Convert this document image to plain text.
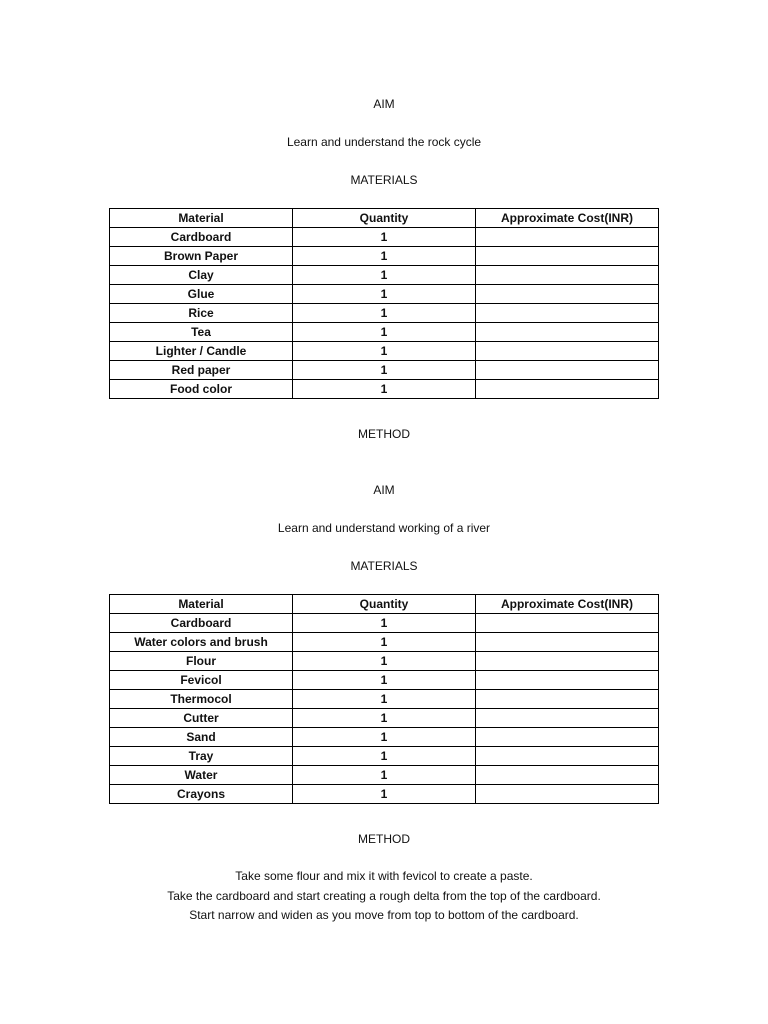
AIM
Learn and understand the rock cycle
MATERIALS
Material	Quantity	Approximate Cost(INR)
Cardboard	1	
Brown Paper	1	
Clay	1	
Glue	1	
Rice	1	
Tea	1	
Lighter / Candle	1	
Red paper	1	
Food color	1	
METHOD
AIM
Learn and understand working of a river
MATERIALS
Material	Quantity	Approximate Cost(INR)
Cardboard	1	
Water colors and brush	1	
Flour	1	
Fevicol	1	
Thermocol	1	
Cutter	1	
Sand	1	
Tray	1	
Water	1	
Crayons	1	
METHOD
Take some flour and mix it with fevicol to create a paste.
Take the cardboard and start creating a rough delta from the top of the cardboard.
Start narrow and widen as you move from top to bottom of the cardboard.
